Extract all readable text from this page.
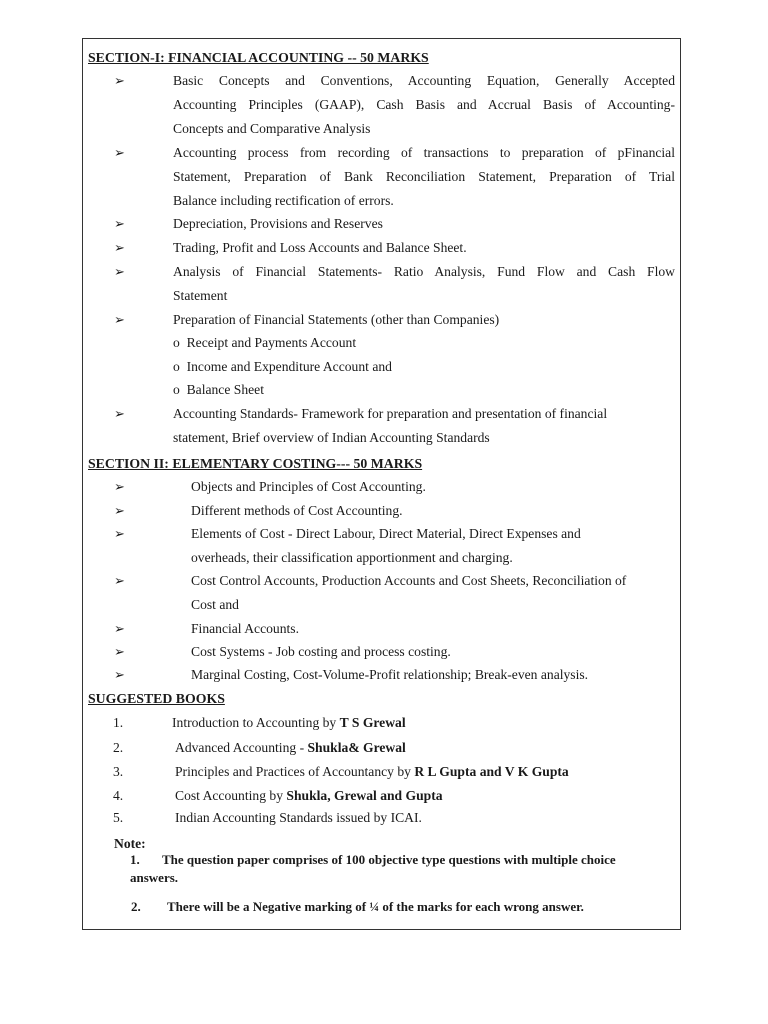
SECTION-I: FINANCIAL ACCOUNTING -- 50 MARKS
➢	Basic Concepts and Conventions, Accounting Equation, Generally Accepted
Accounting Principles (GAAP), Cash Basis and Accrual Basis of Accounting-
Concepts and Comparative Analysis
➢	Accounting process from recording of transactions to preparation of pFinancial
Statement, Preparation of Bank Reconciliation Statement, Preparation of Trial
Balance including rectification of errors.
➢	Depreciation, Provisions and Reserves
➢	Trading, Profit and Loss Accounts and Balance Sheet.
➢	Analysis of Financial Statements- Ratio Analysis, Fund Flow and Cash Flow
Statement
➢	Preparation of Financial Statements (other than Companies)
o Receipt and Payments Account
o Income and Expenditure Account and
o Balance Sheet
➢	Accounting Standards- Framework for preparation and presentation of financial
statement, Brief overview of Indian Accounting Standards
SECTION II: ELEMENTARY COSTING--- 50 MARKS
➢	Objects and Principles of Cost Accounting.
➢	Different methods of Cost Accounting.
➢	Elements of Cost - Direct Labour, Direct Material, Direct Expenses and
overheads, their classification apportionment and charging.
➢	Cost Control Accounts, Production Accounts and Cost Sheets, Reconciliation of
Cost and
➢	Financial Accounts.
➢	Cost Systems - Job costing and process costing.
➢	Marginal Costing, Cost-Volume-Profit relationship; Break-even analysis.
SUGGESTED BOOKS
1.	Introduction to Accounting by T S Grewal
2.	Advanced Accounting - Shukla& Grewal
3.	Principles and Practices of Accountancy by R L Gupta and V K Gupta
4.	Cost Accounting by Shukla, Grewal and Gupta
5.	Indian Accounting Standards issued by ICAI.
Note:
1. The question paper comprises of 100 objective type questions with multiple choice
answers.
2. There will be a Negative marking of ¼ of the marks for each wrong answer.
